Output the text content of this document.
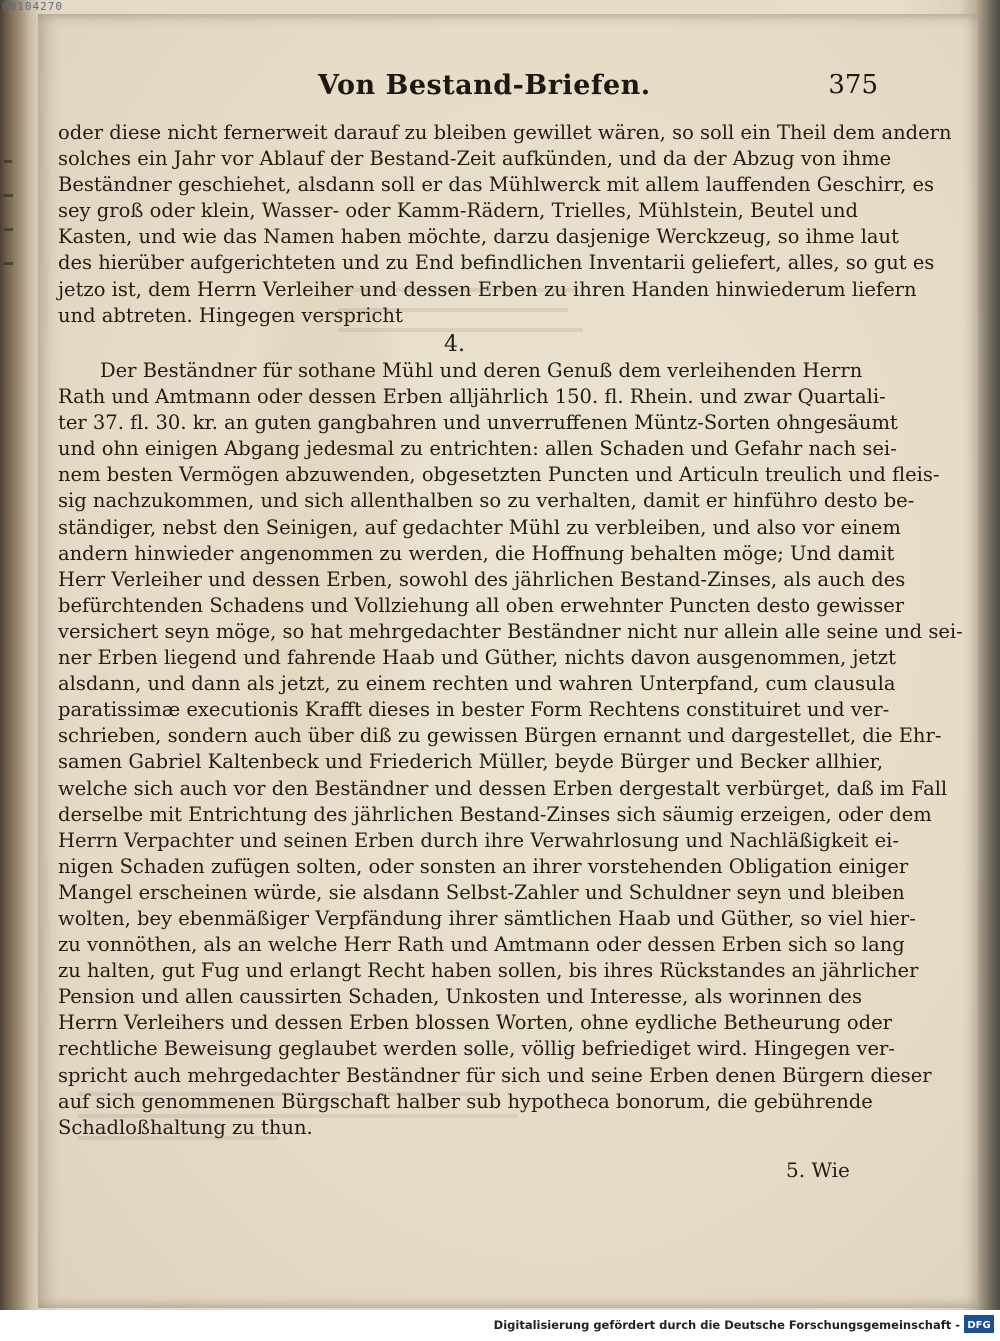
00104270
Von Bestand-Briefen.	375
oder diese nicht fernerweit darauf zu bleiben gewillet wären, so soll ein Theil dem andern
solches ein Jahr vor Ablauf der Bestand-Zeit aufkünden, und da der Abzug von ihme
Beständner geschiehet, alsdann soll er das Mühlwerck mit allem lauffenden Geschirr, es
sey groß oder klein, Wasser- oder Kamm-Rädern, Trielles, Mühlstein, Beutel und
Kasten, und wie das Namen haben möchte, darzu dasjenige Werckzeug, so ihme laut
des hierüber aufgerichteten und zu End befindlichen Inventarii geliefert, alles, so gut es
jetzo ist, dem Herrn Verleiher und dessen Erben zu ihren Handen hinwiederum liefern
und abtreten. Hingegen verspricht
4.
Der Beständner für sothane Mühl und deren Genuß dem verleihenden Herrn
Rath und Amtmann oder dessen Erben alljährlich 150. fl. Rhein. und zwar Quartali-
ter 37. fl. 30. kr. an guten gangbahren und unverruffenen Müntz-Sorten ohngesäumt
und ohn einigen Abgang jedesmal zu entrichten: allen Schaden und Gefahr nach sei-
nem besten Vermögen abzuwenden, obgesetzten Puncten und Articuln treulich und fleis-
sig nachzukommen, und sich allenthalben so zu verhalten, damit er hinführo desto be-
ständiger, nebst den Seinigen, auf gedachter Mühl zu verbleiben, und also vor einem
andern hinwieder angenommen zu werden, die Hoffnung behalten möge; Und damit
Herr Verleiher und dessen Erben, sowohl des jährlichen Bestand-Zinses, als auch des
befürchtenden Schadens und Vollziehung all oben erwehnter Puncten desto gewisser
versichert seyn möge, so hat mehrgedachter Beständner nicht nur allein alle seine und sei-
ner Erben liegend und fahrende Haab und Güther, nichts davon ausgenommen, jetzt
alsdann, und dann als jetzt, zu einem rechten und wahren Unterpfand, cum clausula
paratissimæ executionis Krafft dieses in bester Form Rechtens constituiret und ver-
schrieben, sondern auch über diß zu gewissen Bürgen ernannt und dargestellet, die Ehr-
samen Gabriel Kaltenbeck und Friederich Müller, beyde Bürger und Becker allhier,
welche sich auch vor den Beständner und dessen Erben dergestalt verbürget, daß im Fall
derselbe mit Entrichtung des jährlichen Bestand-Zinses sich säumig erzeigen, oder dem
Herrn Verpachter und seinen Erben durch ihre Verwahrlosung und Nachläßigkeit ei-
nigen Schaden zufügen solten, oder sonsten an ihrer vorstehenden Obligation einiger
Mangel erscheinen würde, sie alsdann Selbst-Zahler und Schuldner seyn und bleiben
wolten, bey ebenmäßiger Verpfändung ihrer sämtlichen Haab und Güther, so viel hier-
zu vonnöthen, als an welche Herr Rath und Amtmann oder dessen Erben sich so lang
zu halten, gut Fug und erlangt Recht haben sollen, bis ihres Rückstandes an jährlicher
Pension und allen caussirten Schaden, Unkosten und Interesse, als worinnen des
Herrn Verleihers und dessen Erben blossen Worten, ohne eydliche Betheurung oder
rechtliche Beweisung geglaubet werden solle, völlig befriediget wird. Hingegen ver-
spricht auch mehrgedachter Beständner für sich und seine Erben denen Bürgern dieser
auf sich genommenen Bürgschaft halber sub hypotheca bonorum, die gebührende
Schadloßhaltung zu thun.
5. Wie
Digitalisierung gefördert durch die Deutsche Forschungsgemeinschaft - DFG
